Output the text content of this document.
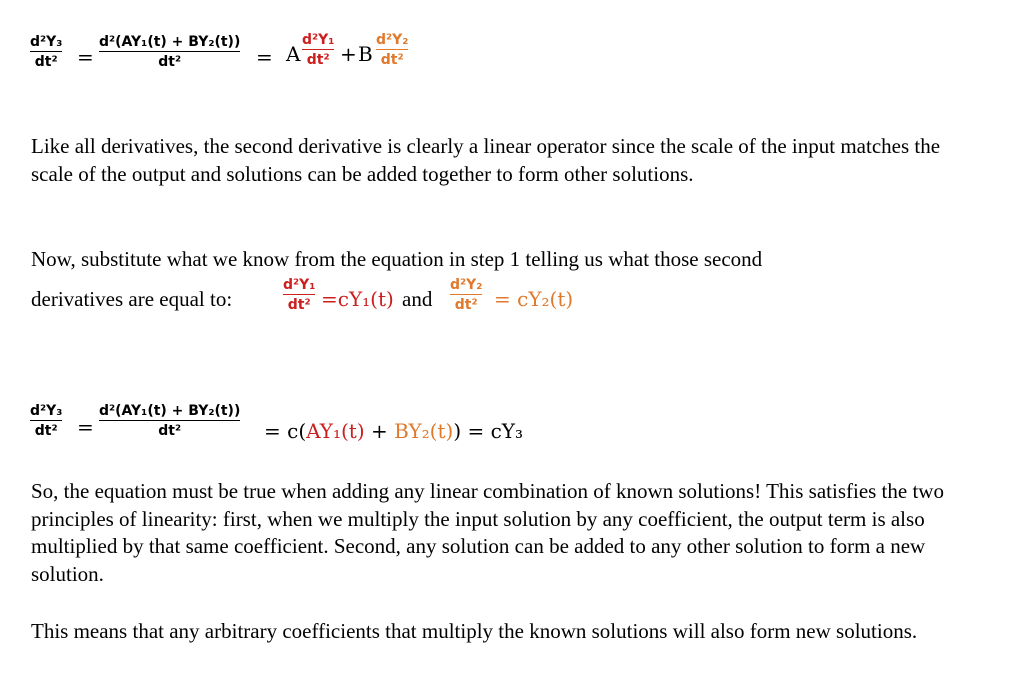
d²Y₃
dt² =
d²(AY₁(t) + BY₂(t))
dt²	= A
d²Y₁
dt² + B
d²Y₂
dt²
Like all derivatives, the second derivative is clearly a linear operator since the scale of the input matches the scale of the output and solutions can be added together to form other solutions.
Now, substitute what we know from the equation in step 1 telling us what those second
derivatives are equal to:
d²Y₁
dt² =cY₁(t) and
d²Y₂
dt² = cY₂(t)
d²Y₃
dt² =
d²(AY₁(t) + BY₂(t))
dt²	= c(AY₁(t) + BY₂(t)) = cY₃
So, the equation must be true when adding any linear combination of known solutions! This satisfies the two principles of linearity: first, when we multiply the input solution by any coefficient, the output term is also multiplied by that same coefficient. Second, any solution can be added to any other solution to form a new solution.
This means that any arbitrary coefficients that multiply the known solutions will also form new solutions.
